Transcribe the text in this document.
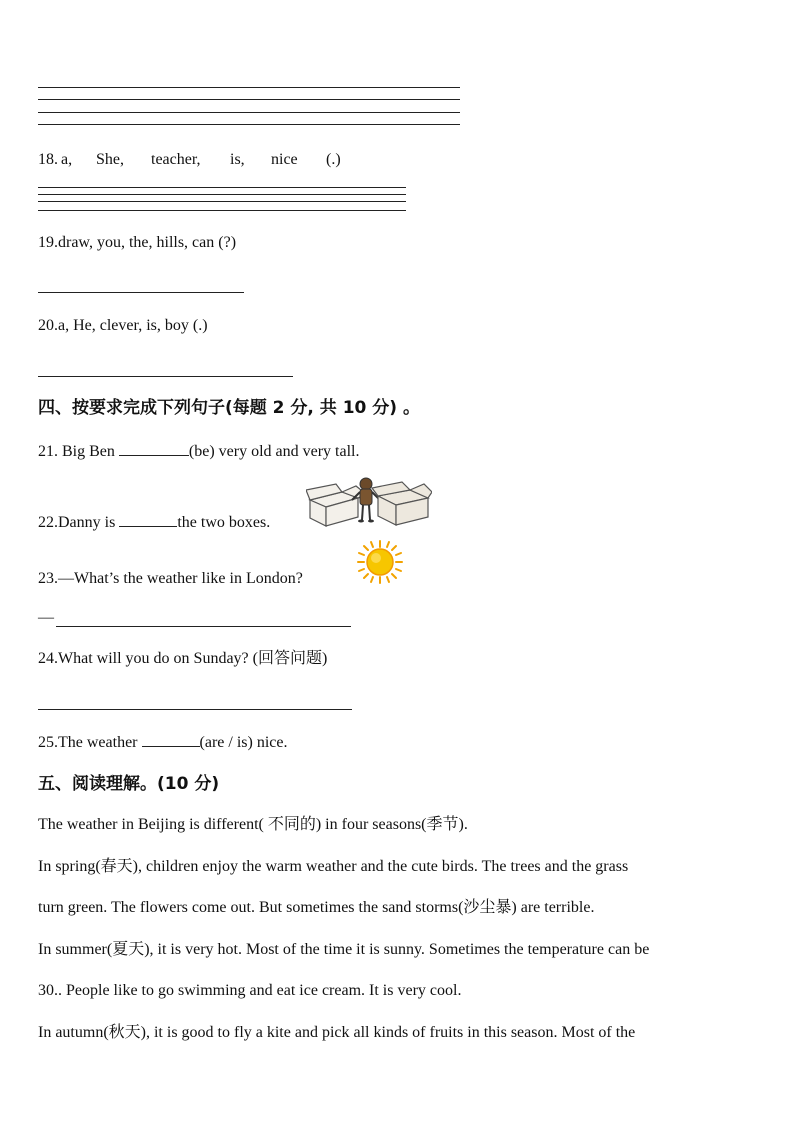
18. a, She, teacher, is, nice (.)
19.draw, you, the, hills, can (?)
20.a, He, clever, is, boy (.)
四、按要求完成下列句子(每题 2 分, 共 10 分) 。
21. Big Ben	(be) very old and very tall.
22.Danny is	the two boxes.
23.—What’s the weather like in London?
—
24.What will you do on Sunday? (回答问题)
25.The weather	(are / is) nice.
五、阅读理解。(10 分)
The weather in Beijing is different( 不同的) in four seasons(季节).
In spring(春天), children enjoy the warm weather and the cute birds. The trees and the grass
turn green. The flowers come out. But sometimes the sand storms(沙尘暴) are terrible.
In summer(夏天), it is very hot. Most of the time it is sunny. Sometimes the temperature can be
30.. People like to go swimming and eat ice cream. It is very cool.
In autumn(秋天), it is good to fly a kite and pick all kinds of fruits in this season. Most of the
